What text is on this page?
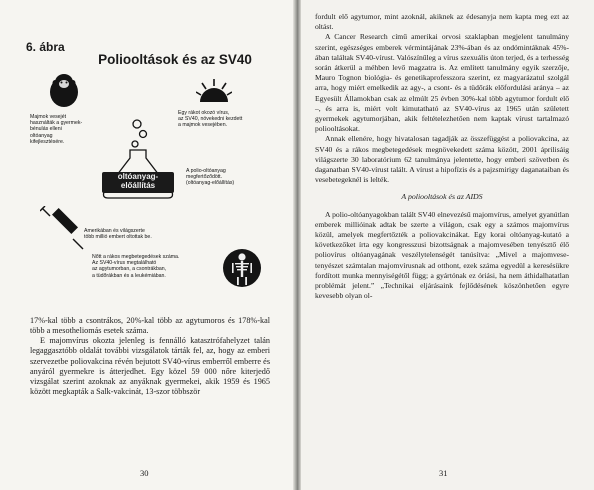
6. ábra
Poliooltások és az SV40
Majmok vesejét
használták a gyermek-
bénulás elleni
oltóanyag
kifejlesztésére.
Egy rákot okozó vírus,
az SV40, növekedni kezdett
a majmok vesejében.
oltóanyag-
előállítás
A polio-oltóanyag
megfertőződött.
(oltóanyag-előállítás)
Amerikában és világszerte
több millió embert oltottak be.
Nőtt a rákos megbetegedések száma.
Az SV40-vírus megtalálható
az agytumorban, a csontrákban,
a tüdőrákban és a leukémiában.

17%-kal több a csontrákos, 20%-kal több az agytumoros és 178%-kal több a mesotheliomás esetek száma.

E majomvírus okozta jelenleg is fennálló katasztrófahelyzet talán legaggasztóbb oldalát további vizsgálatok tárták fel, az, hogy az emberi szervezetbe poliovakcina révén bejutott SV40-vírus emberről emberre és anyáról gyermekre is átterjedhet. Egy közel 59 000 nőre kiterjedő vizsgálat szerint azoknak az anyáknak gyermekei, akik 1959 és 1965 között megkapták a Salk-vakcinát, 13-szor többször

30

fordult elő agytumor, mint azoknál, akiknek az édesanyja nem kapta meg ezt az oltást.

A Cancer Research című amerikai orvosi szaklapban megjelent tanulmány szerint, egészséges emberek vérmintájának 23%-ában és az ondómintáknak 45%-ában találtak SV40-vírust. Valószínűleg a vírus szexuális úton terjed, és a terhesség során átkerül a méhben levő magzatra is. Az említett tanulmány egyik szerzője, Mauro Tognon biológia- és genetikaprofesszora szerint, ez magyarázatul szolgál arra, hogy miért emelkedik az agy-, a csont- és a tüdőrák előfordulási aránya – az Egyesült Államokban csak az elmúlt 25 évben 30%-kal több agytumor fordult elő –, és arra is, miért volt kimutatható az SV40-vírus az 1965 után született gyermekek agytumorjában, akik feltételezhetően nem kaptak vírust tartalmazó poliooltásokat.

Annak ellenére, hogy hivatalosan tagadják az összefüggést a poliovakcina, az SV40 és a rákos megbetegedések megnövekedett száma között, 2001 áprilisáig világszerte 30 laboratórium 62 tanulmánya jelentette, hogy emberi szövetben és daganatban SV40-vírust talált. A vírust a hipofízis és a pajzsmirigy daganataiban és vesebetegeknél is lelték.

A poliooltások és az AIDS

A polio-oltóanyagokban talált SV40 elnevezésű majomvírus, amelyet gyanútlan emberek millióinak adtak be szerte a világon, csak egy a számos majomvírus közül, amelyek megfertőzték a poliovakcinákat. Egy korai oltóanyag-kutató a következőket írta egy kongresszusi bizottságnak a majomvesében tenyésztő élő poliovírus oltóanyagának veszélytelenségét tanúsítva: „Mivel a majomvese-tenyészet számtalan majomvírusnak ad otthont, ezek száma egyedül a keresésükre fordított munka mennyiségétől függ; a gyártónak ez óriási, ha nem áthidalhatatlan problémát jelent.” „Technikai eljárásaink fejlődésének köszönhetően egyre kevesebb olyan ol-

31
